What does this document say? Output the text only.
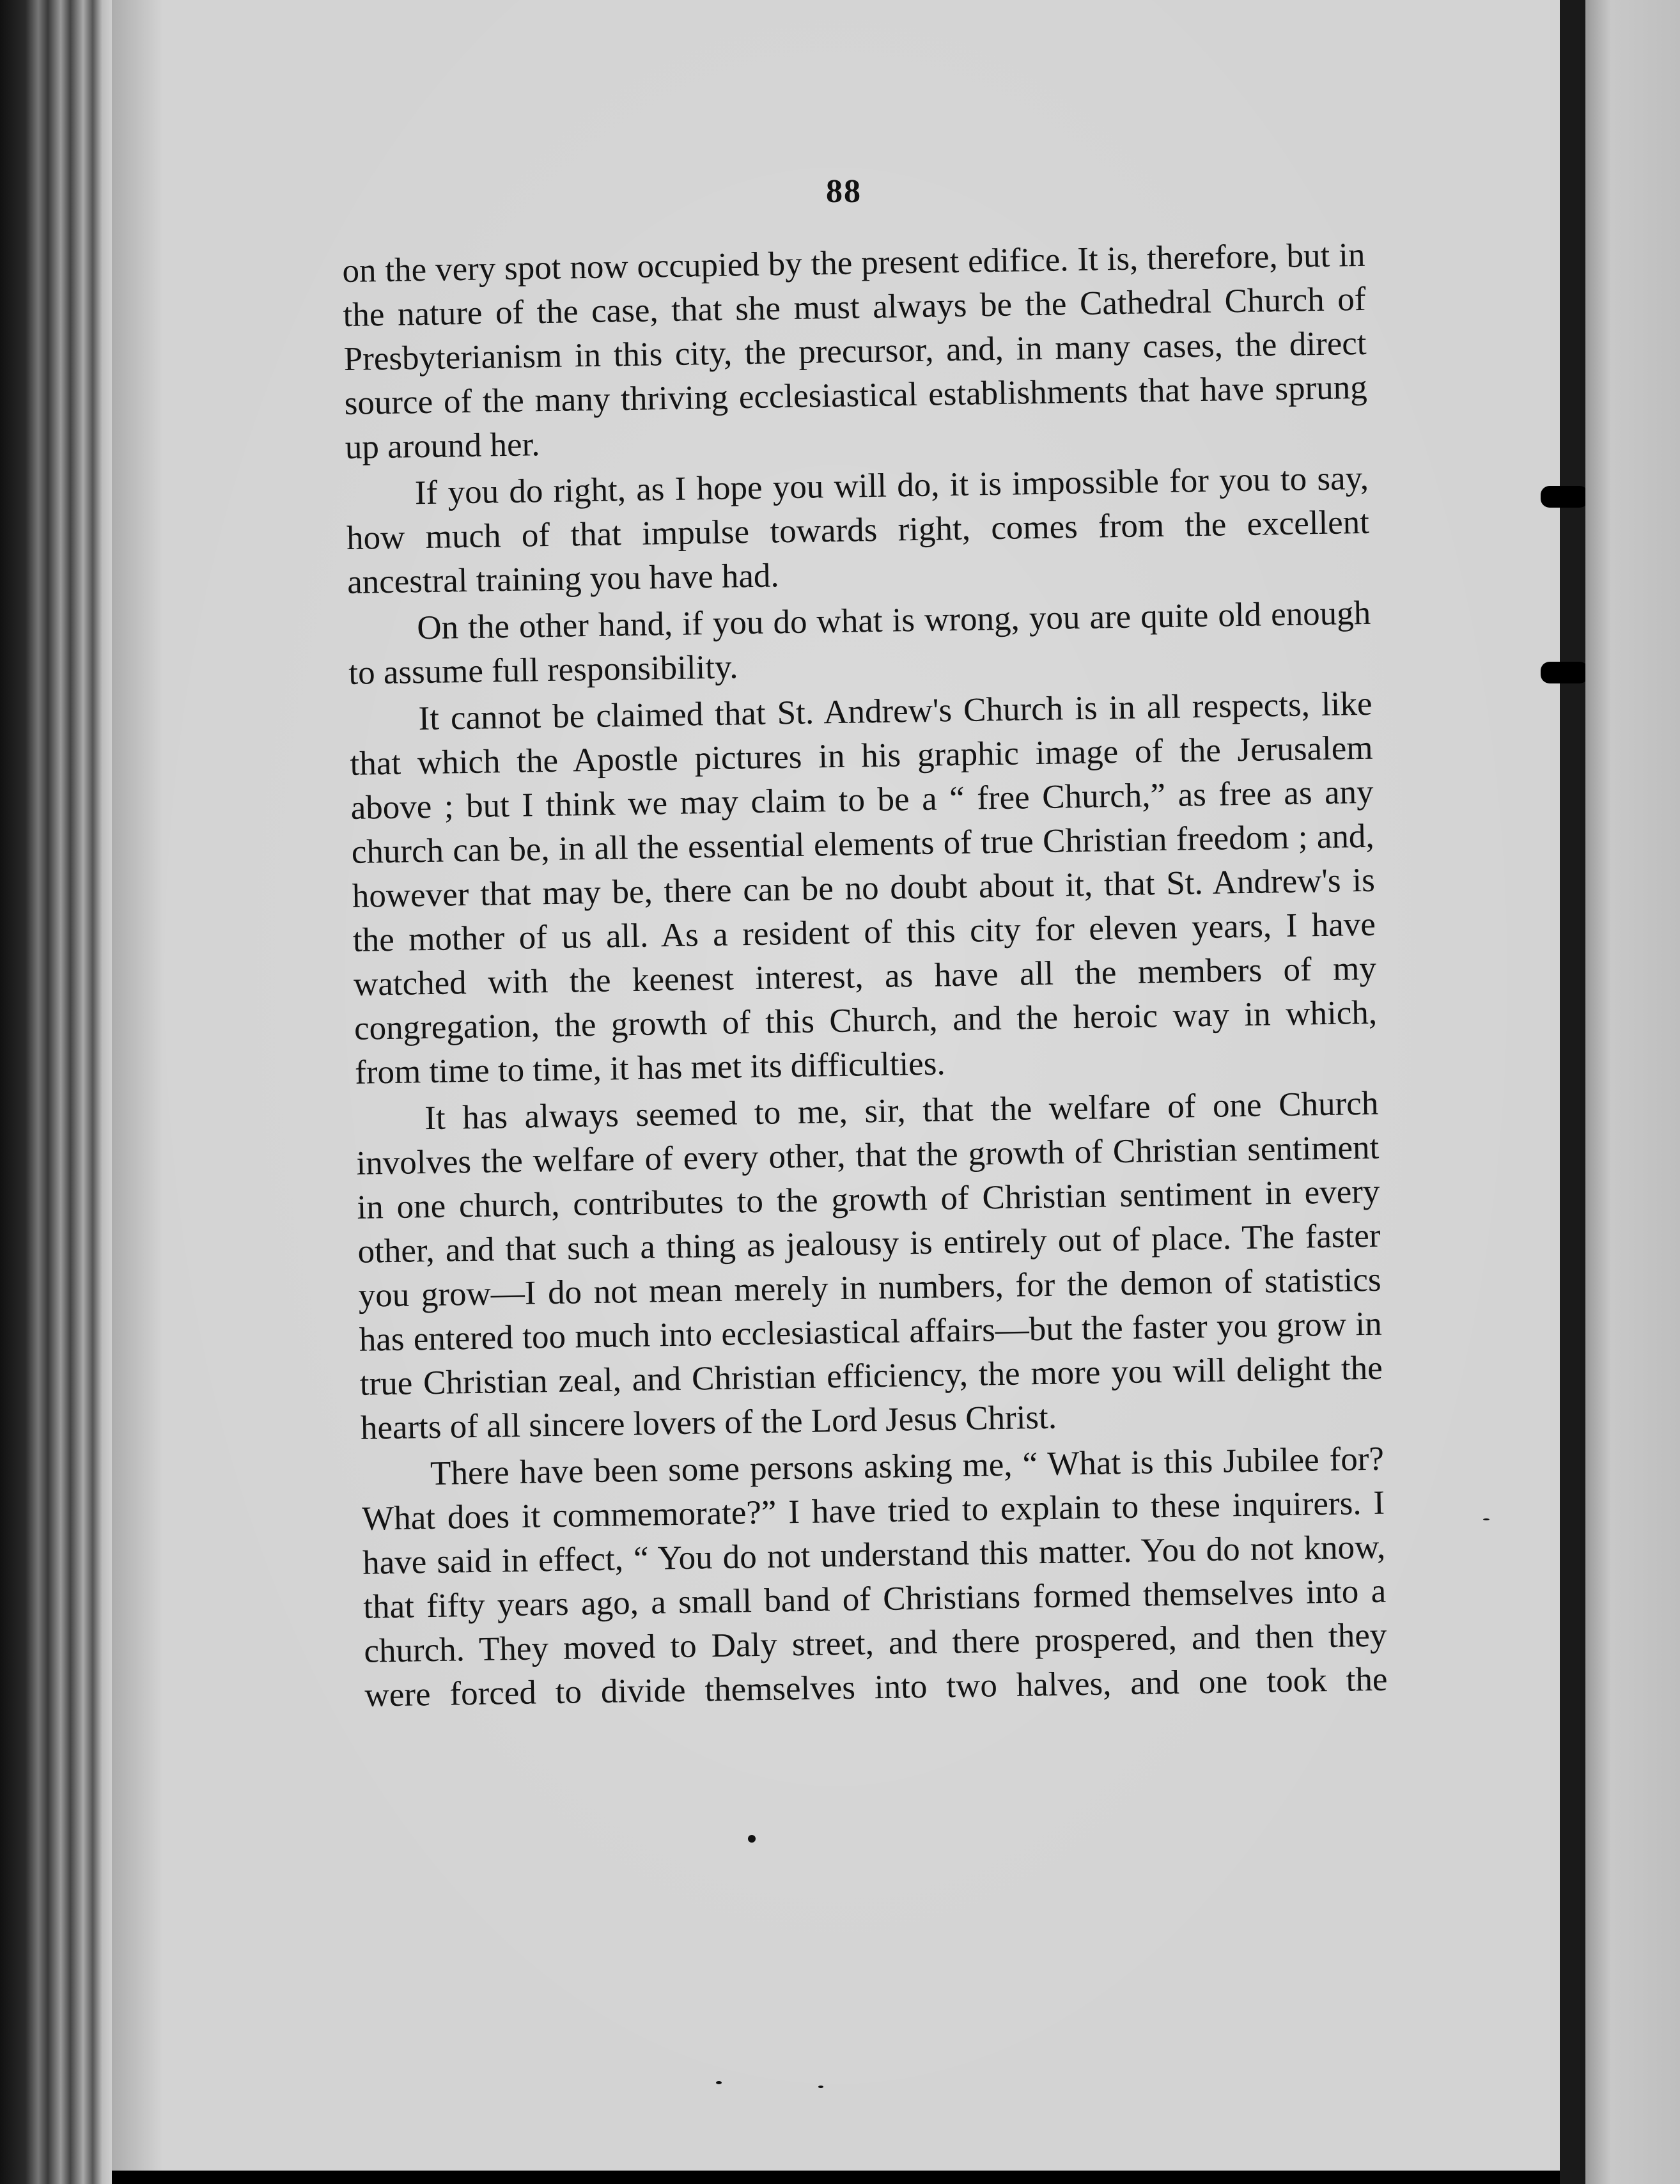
88

on the very spot now occupied by the present edifice. It is, therefore, but in the nature of the case, that she must always be the Cathedral Church of Presbyterianism in this city, the precursor, and, in many cases, the direct source of the many thriving ecclesiastical establishments that have sprung up around her.

If you do right, as I hope you will do, it is impossible for you to say, how much of that impulse towards right, comes from the excellent ancestral training you have had.

On the other hand, if you do what is wrong, you are quite old enough to assume full responsibility.

It cannot be claimed that St. Andrew's Church is in all respects, like that which the Apostle pictures in his graphic image of the Jerusalem above ; but I think we may claim to be a “ free Church,” as free as any church can be, in all the essential elements of true Christian freedom ; and, however that may be, there can be no doubt about it, that St. Andrew's is the mother of us all. As a resident of this city for eleven years, I have watched with the keenest interest, as have all the members of my congregation, the growth of this Church, and the heroic way in which, from time to time, it has met its difficulties.

It has always seemed to me, sir, that the welfare of one Church involves the welfare of every other, that the growth of Christian sentiment in one church, contributes to the growth of Christian sentiment in every other, and that such a thing as jealousy is entirely out of place. The faster you grow—I do not mean merely in numbers, for the demon of statistics has entered too much into ecclesiastical affairs—but the faster you grow in true Christian zeal, and Christian efficiency, the more you will delight the hearts of all sincere lovers of the Lord Jesus Christ.

There have been some persons asking me, “ What is this Jubilee for? What does it commemorate?” I have tried to explain to these inquirers. I have said in effect, “ You do not understand this matter. You do not know, that fifty years ago, a small band of Christians formed themselves into a church. They moved to Daly street, and there prospered, and then they were forced to divide themselves into two halves, and one took the
